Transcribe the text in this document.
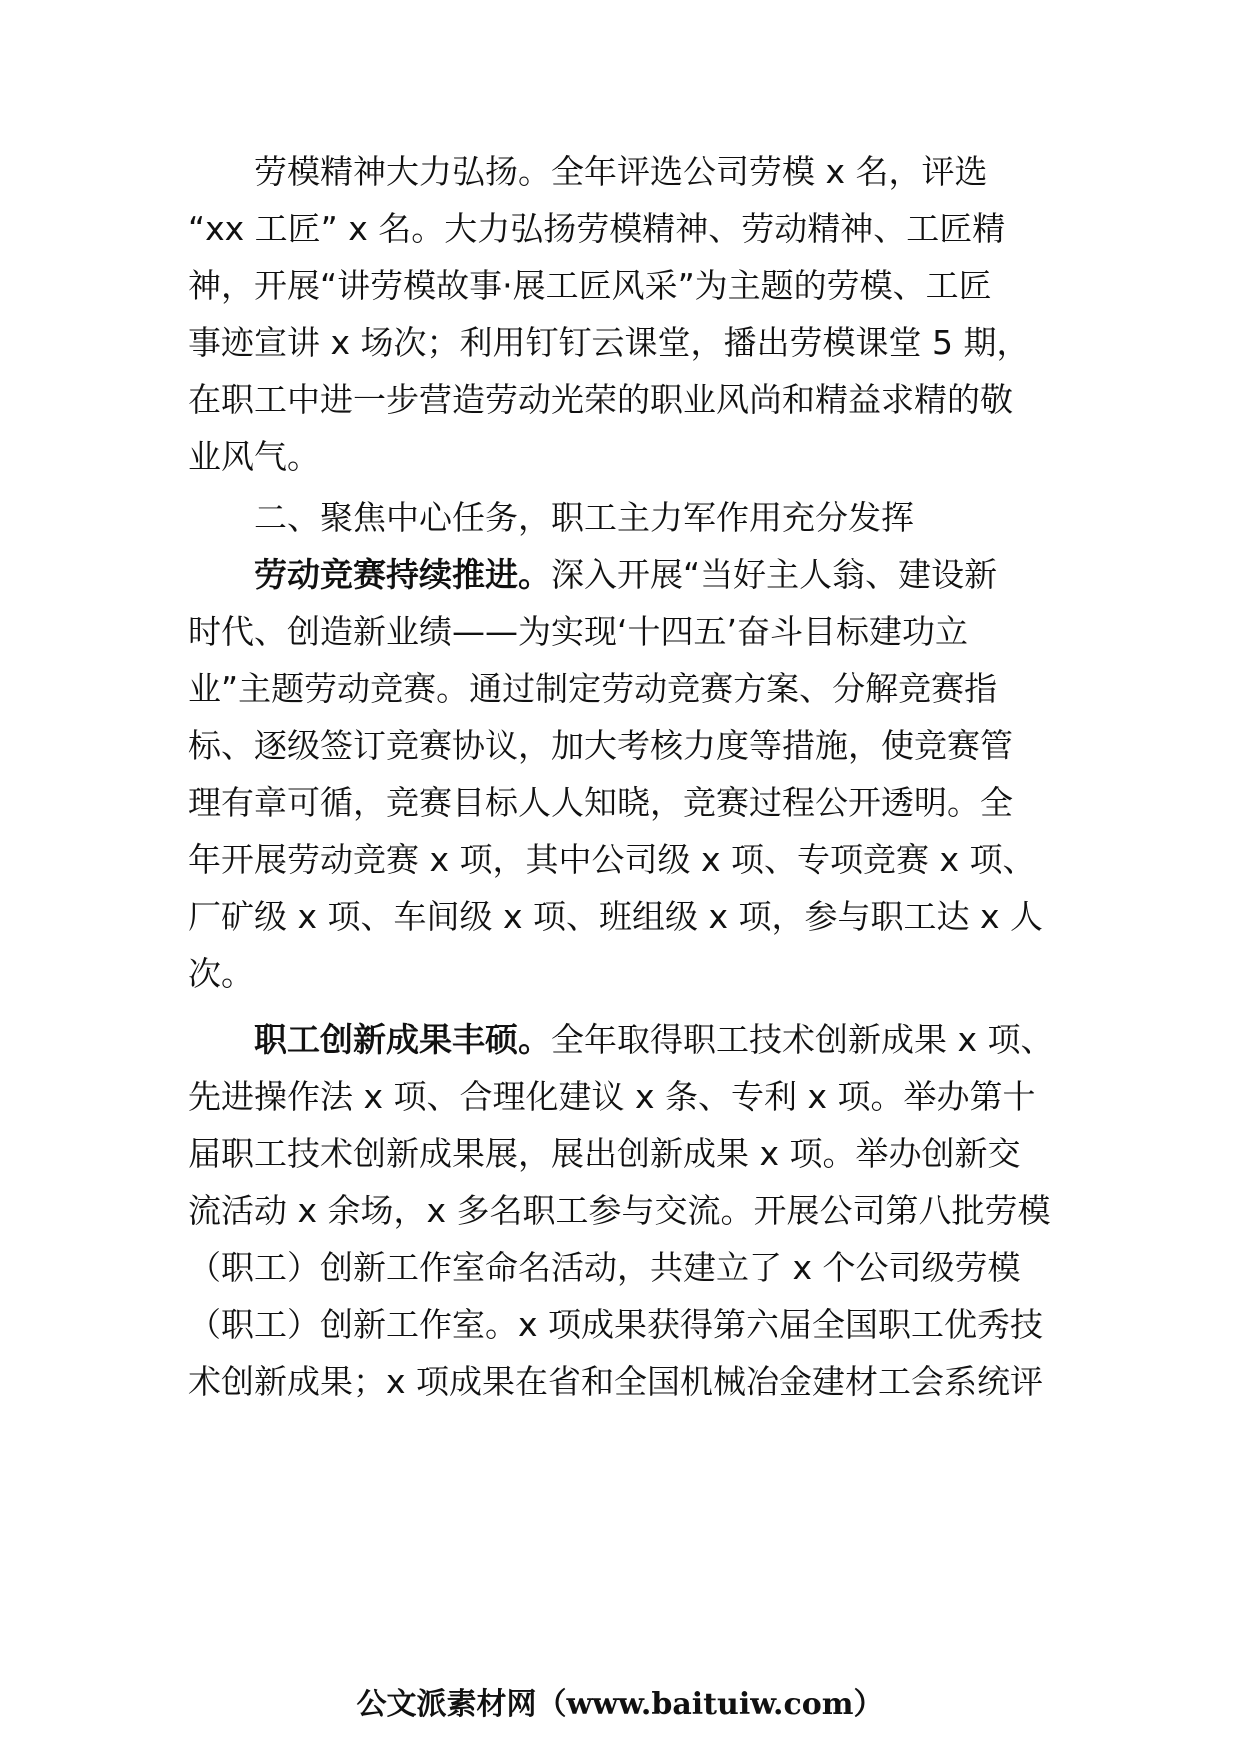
劳模精神大力弘扬。全年评选公司劳模 x 名，评选
“xx 工匠” x 名。大力弘扬劳模精神、劳动精神、工匠精
神，开展“讲劳模故事·展工匠风采”为主题的劳模、工匠
事迹宣讲 x 场次；利用钉钉云课堂，播出劳模课堂 5 期，
在职工中进一步营造劳动光荣的职业风尚和精益求精的敬
业风气。
二、聚焦中心任务，职工主力军作用充分发挥
劳动竞赛持续推进。深入开展“当好主人翁、建设新
时代、创造新业绩——为实现‘十四五’奋斗目标建功立
业”主题劳动竞赛。通过制定劳动竞赛方案、分解竞赛指
标、逐级签订竞赛协议，加大考核力度等措施，使竞赛管
理有章可循，竞赛目标人人知晓，竞赛过程公开透明。全
年开展劳动竞赛 x 项，其中公司级 x 项、专项竞赛 x 项、
厂矿级 x 项、车间级 x 项、班组级 x 项，参与职工达 x 人
次。
职工创新成果丰硕。全年取得职工技术创新成果 x 项、
先进操作法 x 项、合理化建议 x 条、专利 x 项。举办第十
届职工技术创新成果展，展出创新成果 x 项。举办创新交
流活动 x 余场，x 多名职工参与交流。开展公司第八批劳模
（职工）创新工作室命名活动，共建立了 x 个公司级劳模
（职工）创新工作室。x 项成果获得第六届全国职工优秀技
术创新成果；x 项成果在省和全国机械冶金建材工会系统评
公文派素材网（www.baituiw.com）
